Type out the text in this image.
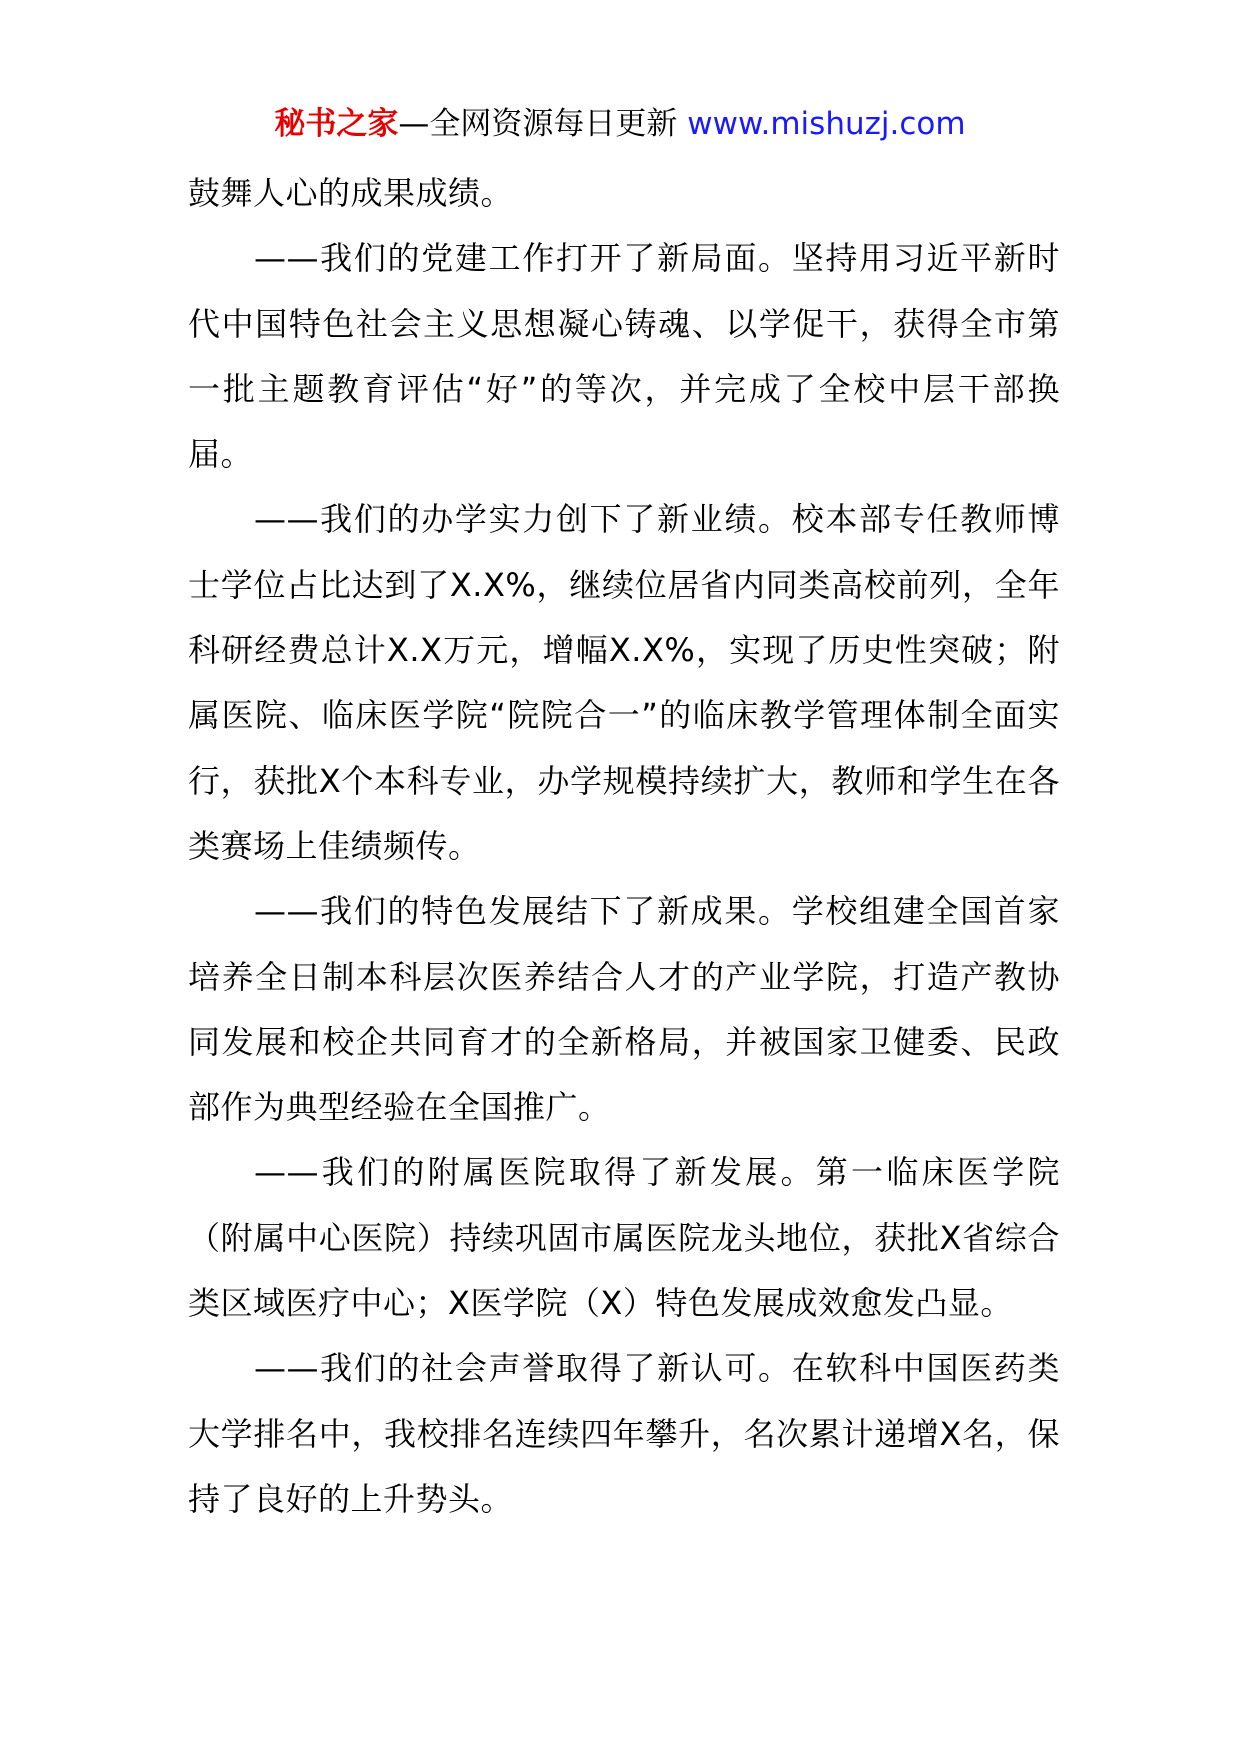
秘书之家—全网资源每日更新 www.mishuzj.com

鼓舞人心的成果成绩。

——我们的党建工作打开了新局面。坚持用习近平新时代中国特色社会主义思想凝心铸魂、以学促干，获得全市第一批主题教育评估“好”的等次，并完成了全校中层干部换届。

——我们的办学实力创下了新业绩。校本部专任教师博士学位占比达到了X.X%，继续位居省内同类高校前列，全年科研经费总计X.X万元，增幅X.X%，实现了历史性突破；附属医院、临床医学院“院院合一”的临床教学管理体制全面实行，获批X个本科专业，办学规模持续扩大，教师和学生在各类赛场上佳绩频传。

——我们的特色发展结下了新成果。学校组建全国首家培养全日制本科层次医养结合人才的产业学院，打造产教协同发展和校企共同育才的全新格局，并被国家卫健委、民政部作为典型经验在全国推广。

——我们的附属医院取得了新发展。第一临床医学院（附属中心医院）持续巩固市属医院龙头地位，获批X省综合类区域医疗中心；X医学院（X）特色发展成效愈发凸显。

——我们的社会声誉取得了新认可。在软科中国医药类大学排名中，我校排名连续四年攀升，名次累计递增X名，保持了良好的上升势头。
